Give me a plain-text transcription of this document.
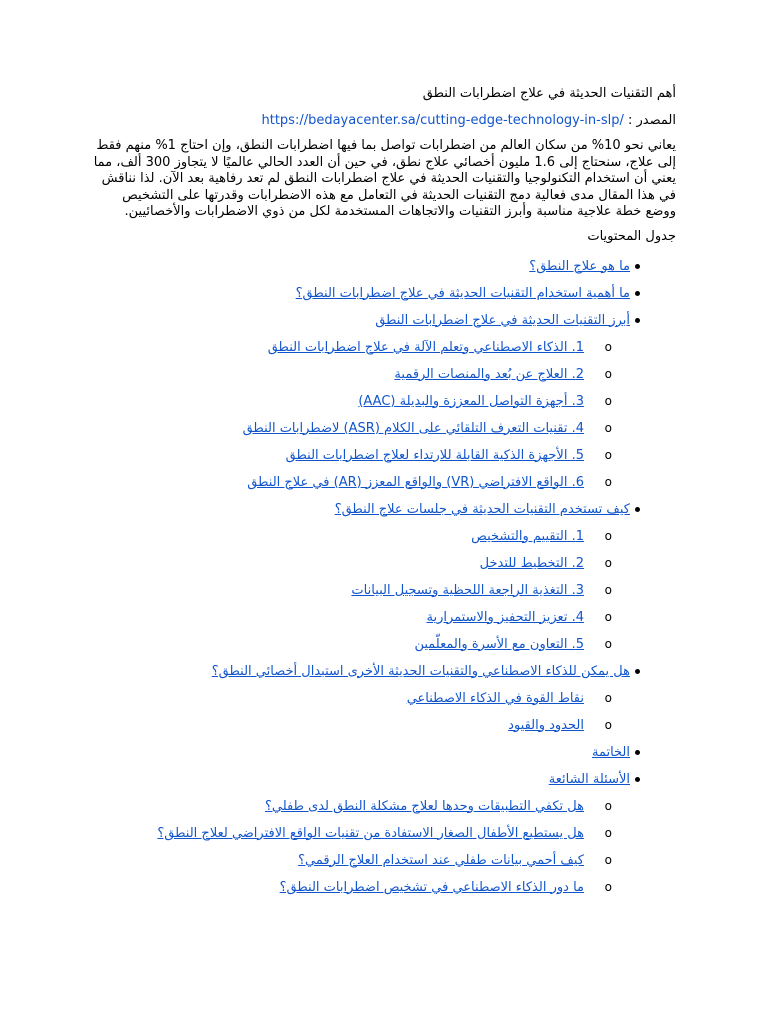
أهم التقنيات الحديثة في علاج اضطرابات النطق
المصدر : https://bedayacenter.sa/cutting-edge-technology-in-slp/
يعاني نحو 10% من سكان العالم من اضطرابات تواصل بما فيها اضطرابات النطق، وإن احتاج 1% منهم فقط إلى علاج، سنحتاج إلى 1.6 مليون أخصائي علاج نطق، في حين أن العدد الحالي عالميًا لا يتجاوز 300 ألف، مما يعني أن استخدام التكنولوجيا والتقنيات الحديثة في علاج اضطرابات النطق لم تعد رفاهية بعد الآن. لذا نناقش في هذا المقال مدى فعالية دمج التقنيات الحديثة في التعامل مع هذه الاضطرابات وقدرتها على التشخيص ووضع خطة علاجية مناسبة وأبرز التقنيات والاتجاهات المستخدمة لكل من ذوي الاضطرابات والأخصائيين.
جدول المحتويات
ما هو علاج النطق؟
ما أهمية استخدام التقنيات الحديثة في علاج اضطرابات النطق؟
أبرز التقنيات الحديثة في علاج اضطرابات النطق
o
1. الذكاء الاصطناعي وتعلم الآلة في علاج اضطرابات النطق
o
2. العلاج عن بُعد والمنصات الرقمية
o
3. أجهزة التواصل المعززة والبديلة (AAC)
o
4. تقنيات التعرف التلقائي على الكلام (ASR) لاضطرابات النطق
o
5. الأجهزة الذكية القابلة للارتداء لعلاج اضطرابات النطق
o
6. الواقع الافتراضي (VR) والواقع المعزز (AR) في علاج النطق
كيف تستخدم التقنيات الحديثة في جلسات علاج النطق؟
o
1. التقييم والتشخيص
o
2. التخطيط للتدخل
o
3. التغذية الراجعة اللحظية وتسجيل البيانات
o
4. تعزيز التحفيز والاستمرارية
o
5. التعاون مع الأسرة والمعلّمين
هل يمكن للذكاء الاصطناعي والتقنيات الحديثة الأخرى استبدال أخصائي النطق؟
o
نقاط القوة في الذكاء الاصطناعي
o
الحدود والقيود
الخاتمة
الأسئلة الشائعة
o
هل تكفي التطبيقات وحدها لعلاج مشكلة النطق لدى طفلي؟
o
هل يستطيع الأطفال الصغار الاستفادة من تقنيات الواقع الافتراضي لعلاج النطق؟
o
كيف أحمي بيانات طفلي عند استخدام العلاج الرقمي؟
o
ما دور الذكاء الاصطناعي في تشخيص اضطرابات النطق؟
